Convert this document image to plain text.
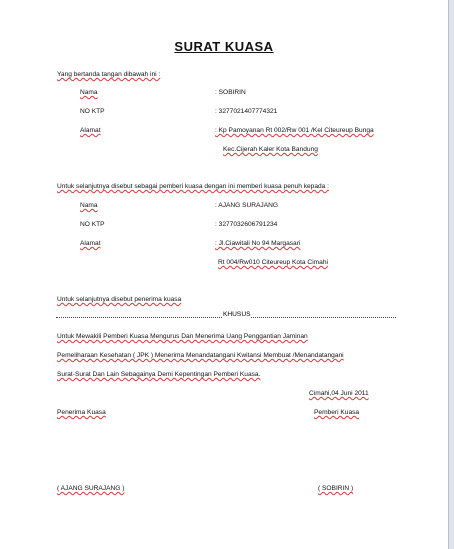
SURAT KUASA
Yang bertanda tangan dibawah ini :
Nama	: SOBIRIN
NO KTP	: 3277021407774321
Alamat	: Kp Pamoyanan Rt 002/Rw 001 /Kel Citeureup Bunga
Kec.Cijerah Kaler Kota Bandung
Untuk selanjutnya disebut sebagai pemberi kuasa dengan ini memberi kuasa penuh kepada :
Nama	: AJANG SURAJANG
NO KTP	: 3277032606791234
Alamat	: Jl.Ciawitali No 94 Margasari
Rt 004/Rw010 Citeureup Kota Cimahi
Untuk selanjutnya disebut penerima kuasa
KHUSUS
Untuk Mewakili Pemberi Kuasa Mengurus Dan Menerima Uang Penggantian Jaminan
Pemeliharaan Kesehatan ( JPK ) Menerima Menandatangani Kwitansi Membuat /Menandatangani
Surat-Surat Dan Lain Sebagainya Demi Kepentingan Pemberi Kuasa.
Cimahi,04 Juni 2011
Penerima Kuasa	Pemberi Kuasa
( AJANG SURAJANG )	( SOBIRIN )
